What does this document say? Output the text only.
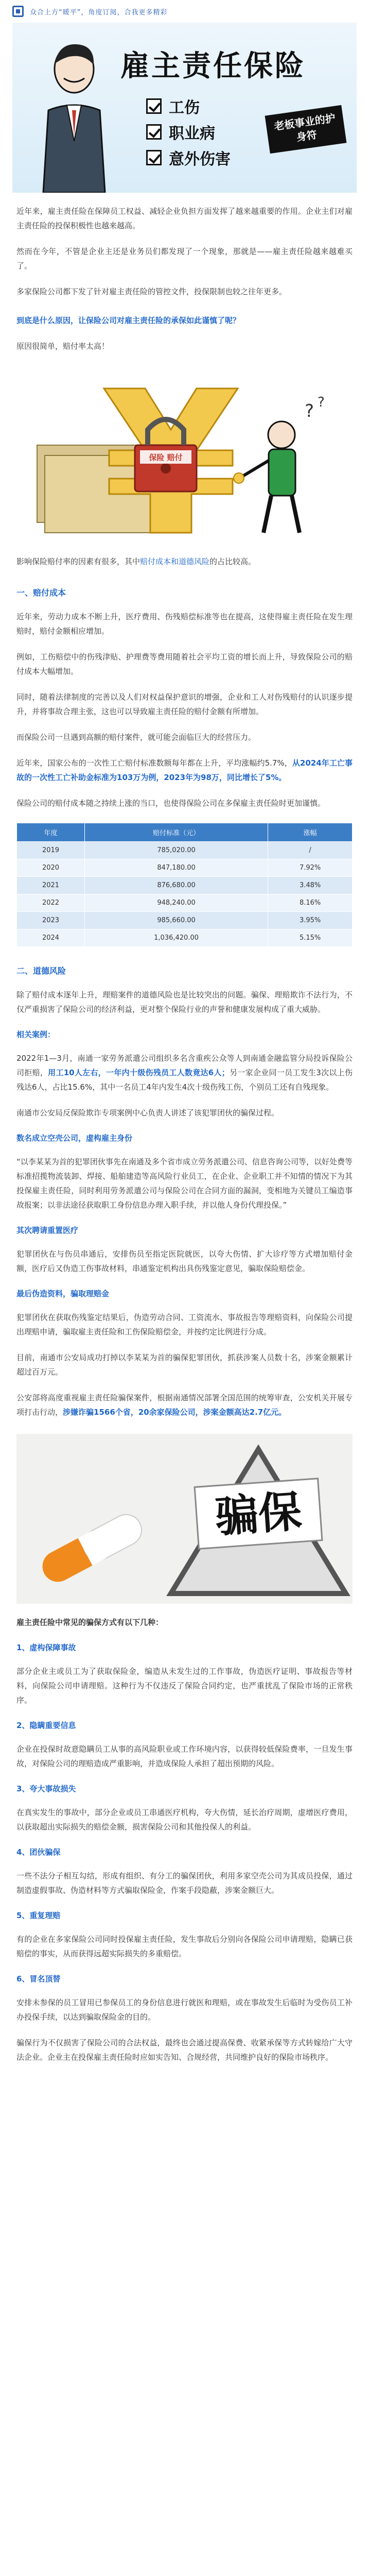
众合上方“暖平”，角度订阅，合我更多精彩
雇主责任保险
工伤
职业病
意外伤害
老板事业的护身符

近年来，雇主责任险在保障员工权益、减轻企业负担方面发挥了越来越重要的作用。企业主们对雇主责任险的投保积极性也越来越高。

然而在今年，不管是企业主还是业务员们都发现了一个现象，那就是——雇主责任险越来越难买了。

多家保险公司都下发了针对雇主责任险的管控文件，投保限制也较之往年更多。

到底是什么原因，让保险公司对雇主责任险的承保如此谨慎了呢？

原因很简单，赔付率太高！

保险 赔付
? ?

影响保险赔付率的因素有很多，其中赔付成本和道德风险的占比较高。

一、赔付成本

近年来，劳动力成本不断上升，医疗费用、伤残赔偿标准等也在提高，这使得雇主责任险在发生理赔时，赔付金额相应增加。

例如，工伤赔偿中的伤残津贴、护理费等费用随着社会平均工资的增长而上升，导致保险公司的赔付成本大幅增加。

同时，随着法律制度的完善以及人们对权益保护意识的增强，企业和工人对伤残赔付的认识逐步提升，并将事故合理主张，这也可以导致雇主责任险的赔付金额有所增加。

而保险公司一旦遇到高额的赔付案件，就可能会面临巨大的经营压力。

近年来，国家公布的一次性工亡赔付标准数额每年都在上升，平均涨幅约5.7%，从2024年工亡事故的一次性工亡补助金标准为103万为例，2023年为98万，同比增长了5%。

保险公司的赔付成本随之持续上涨的当口，也使得保险公司在多保雇主责任险时更加谨慎。

年度	赔付标准（元）	涨幅
2019	785,020.00	/
2020	847,180.00	7.92%
2021	876,680.00	3.48%
2022	948,240.00	8.16%
2023	985,660.00	3.95%
2024	1,036,420.00	5.15%
二、道德风险

除了赔付成本逐年上升，理赔案件的道德风险也是比较突出的问题。骗保、理赔欺诈不法行为，不仅严重损害了保险公司的经济利益，更对整个保险行业的声誉和健康发展构成了重大威胁。

相关案例：

2022年1—3月，南通一家劳务派遣公司组织多名含重疾公众等人到南通金融监管分局投诉保险公司拒赔，用工10人左右，一年内十级伤残员工人数竟达6人；另一家企业同一员工发生3次以上伤残达6人，占比15.6%，其中一名员工4年内发生4次十级伤残工伤，个别员工还有自残现象。

南通市公安局反保险欺诈专项案例中心负责人讲述了该犯罪团伙的骗保过程。

数名成立空壳公司，虚构雇主身份

“以李某某为首的犯罪团伙事先在南通及多个省市成立劳务派遣公司、信息咨询公司等，以好处费等标准招揽物流装卸、焊接、船舶建造等高风险行业员工，在企业、企业职工并不知情的情况下为其投保雇主责任险，同时利用劳务派遣公司与保险公司在合同方面的漏洞，变相地为关键员工编造事故报案；以非法途径获取职工身份信息办理入职手续，并以他人身份代理投保。”

其次聘请重置医疗

犯罪团伙在与伤员串通后，安排伤员至指定医院就医，以夸大伤情、扩大诊疗等方式增加赔付金额，医疗后又伪造工伤事故材料，串通鉴定机构出具伤残鉴定意见，骗取保险赔偿金。

最后伪造资料，骗取理赔金

犯罪团伙在获取伤残鉴定结果后，伪造劳动合同、工资流水、事故报告等理赔资料，向保险公司提出理赔申请，骗取雇主责任险和工伤保险赔偿金，并按约定比例进行分成。

目前，南通市公安局成功打掉以李某某为首的骗保犯罪团伙，抓获涉案人员数十名，涉案金额累计超过百万元。

公安部将高度重视雇主责任险骗保案件，根据南通情况部署全国范围的统筹审查，公安机关开展专项打击行动，涉嫌诈骗1566个省，20余家保险公司，涉案金额高达2.7亿元。

骗保

雇主责任险中常见的骗保方式有以下几种：

1、虚构保障事故

部分企业主或员工为了获取保险金，编造从未发生过的工作事故，伪造医疗证明、事故报告等材料，向保险公司申请理赔。这种行为不仅违反了保险合同约定，也严重扰乱了保险市场的正常秩序。

2、隐瞒重要信息

企业在投保时故意隐瞒员工从事的高风险职业或工作环境内容，以获得较低保险费率，一旦发生事故，对保险公司的理赔造成严重影响，并造成保险人承担了超出预期的风险。

3、夸大事故损失

在真实发生的事故中，部分企业或员工串通医疗机构，夸大伤情，延长治疗周期，虚增医疗费用，以获取超出实际损失的赔偿金额，损害保险公司和其他投保人的利益。

4、团伙骗保

一些不法分子相互勾结，形成有组织、有分工的骗保团伙，利用多家空壳公司为其成员投保，通过制造虚假事故、伪造材料等方式骗取保险金，作案手段隐蔽，涉案金额巨大。

5、重复理赔

有的企业在多家保险公司同时投保雇主责任险，发生事故后分别向各保险公司申请理赔，隐瞒已获赔偿的事实，从而获得远超实际损失的多重赔偿。

6、冒名顶替

安排未参保的员工冒用已参保员工的身份信息进行就医和理赔，或在事故发生后临时为受伤员工补办投保手续，以达到骗取保险金的目的。

骗保行为不仅损害了保险公司的合法权益，最终也会通过提高保费、收紧承保等方式转嫁给广大守法企业。企业主在投保雇主责任险时应如实告知、合规经营，共同维护良好的保险市场秩序。
